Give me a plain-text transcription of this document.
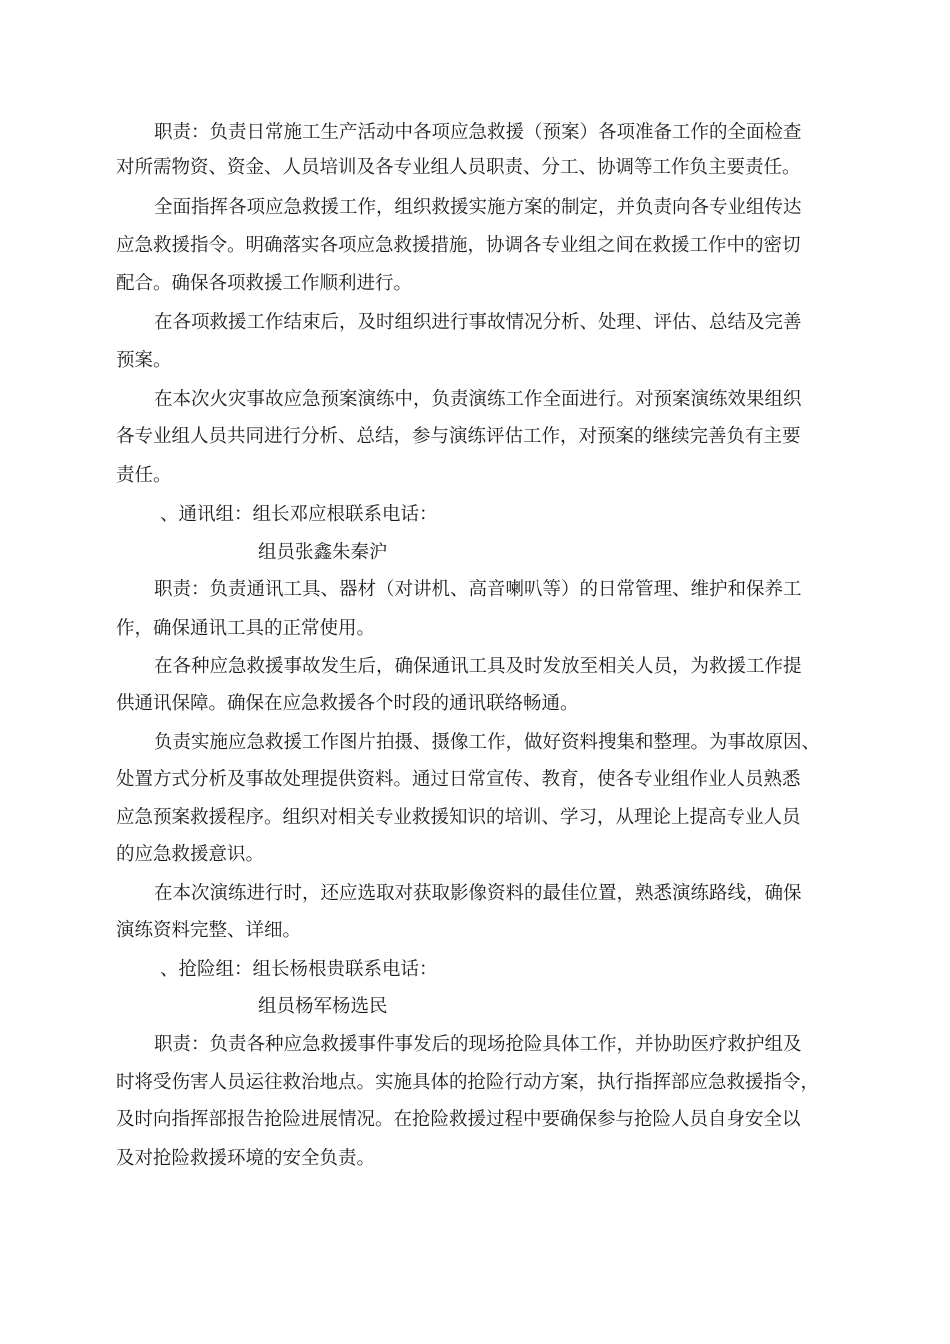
职责：负责日常施工生产活动中各项应急救援（预案）各项准备工作的全面检查
对所需物资、资金、人员培训及各专业组人员职责、分工、协调等工作负主要责任。
全面指挥各项应急救援工作，组织救援实施方案的制定，并负责向各专业组传达
应急救援指令。明确落实各项应急救援措施，协调各专业组之间在救援工作中的密切
配合。确保各项救援工作顺利进行。
在各项救援工作结束后，及时组织进行事故情况分析、处理、评估、总结及完善
预案。
在本次火灾事故应急预案演练中，负责演练工作全面进行。对预案演练效果组织
各专业组人员共同进行分析、总结，参与演练评估工作，对预案的继续完善负有主要
责任。
、通讯组：组长邓应根联系电话：
组员张鑫朱秦沪
职责：负责通讯工具、器材（对讲机、高音喇叭等）的日常管理、维护和保养工
作，确保通讯工具的正常使用。
在各种应急救援事故发生后，确保通讯工具及时发放至相关人员，为救援工作提
供通讯保障。确保在应急救援各个时段的通讯联络畅通。
负责实施应急救援工作图片拍摄、摄像工作，做好资料搜集和整理。为事故原因、
处置方式分析及事故处理提供资料。通过日常宣传、教育，使各专业组作业人员熟悉
应急预案救援程序。组织对相关专业救援知识的培训、学习，从理论上提高专业人员
的应急救援意识。
在本次演练进行时，还应选取对获取影像资料的最佳位置，熟悉演练路线，确保
演练资料完整、详细。
、抢险组：组长杨根贵联系电话：
组员杨军杨选民
职责：负责各种应急救援事件事发后的现场抢险具体工作，并协助医疗救护组及
时将受伤害人员运往救治地点。实施具体的抢险行动方案，执行指挥部应急救援指令，
及时向指挥部报告抢险进展情况。在抢险救援过程中要确保参与抢险人员自身安全以
及对抢险救援环境的安全负责。
